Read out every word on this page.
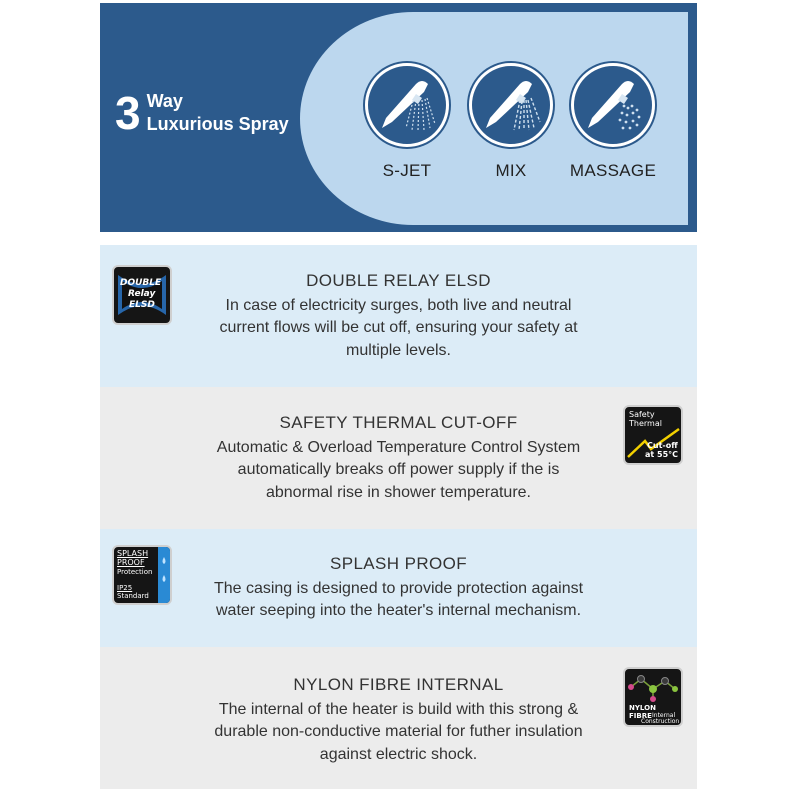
3 Way
Luxurious Spray
S-JET	MIX	MASSAGE
DOUBLE
Relay
ELSD
DOUBLE RELAY ELSD
In case of electricity surges, both live and neutral
current flows will be cut off, ensuring your safety at
multiple levels.
SAFETY THERMAL CUT-OFF
Automatic & Overload Temperature Control System
automatically breaks off power supply if the is
abnormal rise in shower temperature.
Safety
Thermal
Cut-off
at 55°C
SPLASH
PROOF
Protection
IP25
Standard
SPLASH PROOF
The casing is designed to provide protection against
water seeping into the heater's internal mechanism.
NYLON FIBRE INTERNAL
The internal of the heater is build with this strong &
durable non-conductive material for futher insulation
against electric shock.
NYLON FIBRE Internal
Construction
